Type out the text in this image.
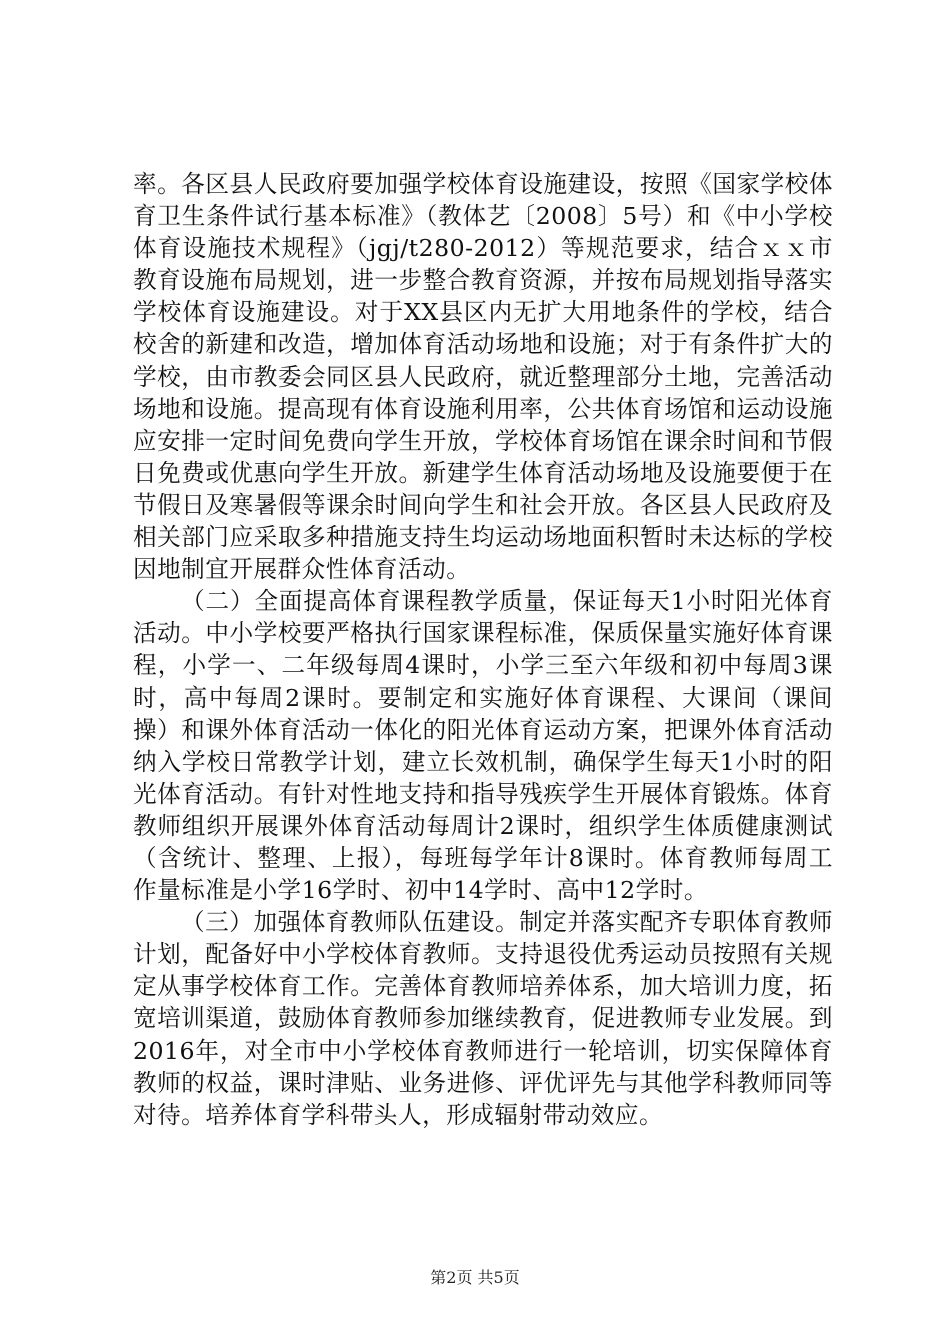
率。各区县人民政府要加强学校体育设施建设，按照《国家学校体育卫生条件试行基本标准》（教体艺〔2008〕5号）和《中小学校体育设施技术规程》（jgj/t280-2012）等规范要求，结合ｘｘ市教育设施布局规划，进一步整合教育资源，并按布局规划指导落实学校体育设施建设。对于XX县区内无扩大用地条件的学校，结合校舍的新建和改造，增加体育活动场地和设施；对于有条件扩大的学校，由市教委会同区县人民政府，就近整理部分土地，完善活动场地和设施。提高现有体育设施利用率，公共体育场馆和运动设施应安排一定时间免费向学生开放，学校体育场馆在课余时间和节假日免费或优惠向学生开放。新建学生体育活动场地及设施要便于在节假日及寒暑假等课余时间向学生和社会开放。各区县人民政府及相关部门应采取多种措施支持生均运动场地面积暂时未达标的学校因地制宜开展群众性体育活动。

（二）全面提高体育课程教学质量，保证每天1小时阳光体育活动。中小学校要严格执行国家课程标准，保质保量实施好体育课程，小学一、二年级每周4课时，小学三至六年级和初中每周3课时，高中每周2课时。要制定和实施好体育课程、大课间（课间操）和课外体育活动一体化的阳光体育运动方案，把课外体育活动纳入学校日常教学计划，建立长效机制，确保学生每天1小时的阳光体育活动。有针对性地支持和指导残疾学生开展体育锻炼。体育教师组织开展课外体育活动每周计2课时，组织学生体质健康测试（含统计、整理、上报），每班每学年计8课时。体育教师每周工作量标准是小学16学时、初中14学时、高中12学时。

（三）加强体育教师队伍建设。制定并落实配齐专职体育教师计划，配备好中小学校体育教师。支持退役优秀运动员按照有关规定从事学校体育工作。完善体育教师培养体系，加大培训力度，拓宽培训渠道，鼓励体育教师参加继续教育，促进教师专业发展。到2016年，对全市中小学校体育教师进行一轮培训，切实保障体育教师的权益，课时津贴、业务进修、评优评先与其他学科教师同等对待。培养体育学科带头人，形成辐射带动效应。

第2页 共5页
